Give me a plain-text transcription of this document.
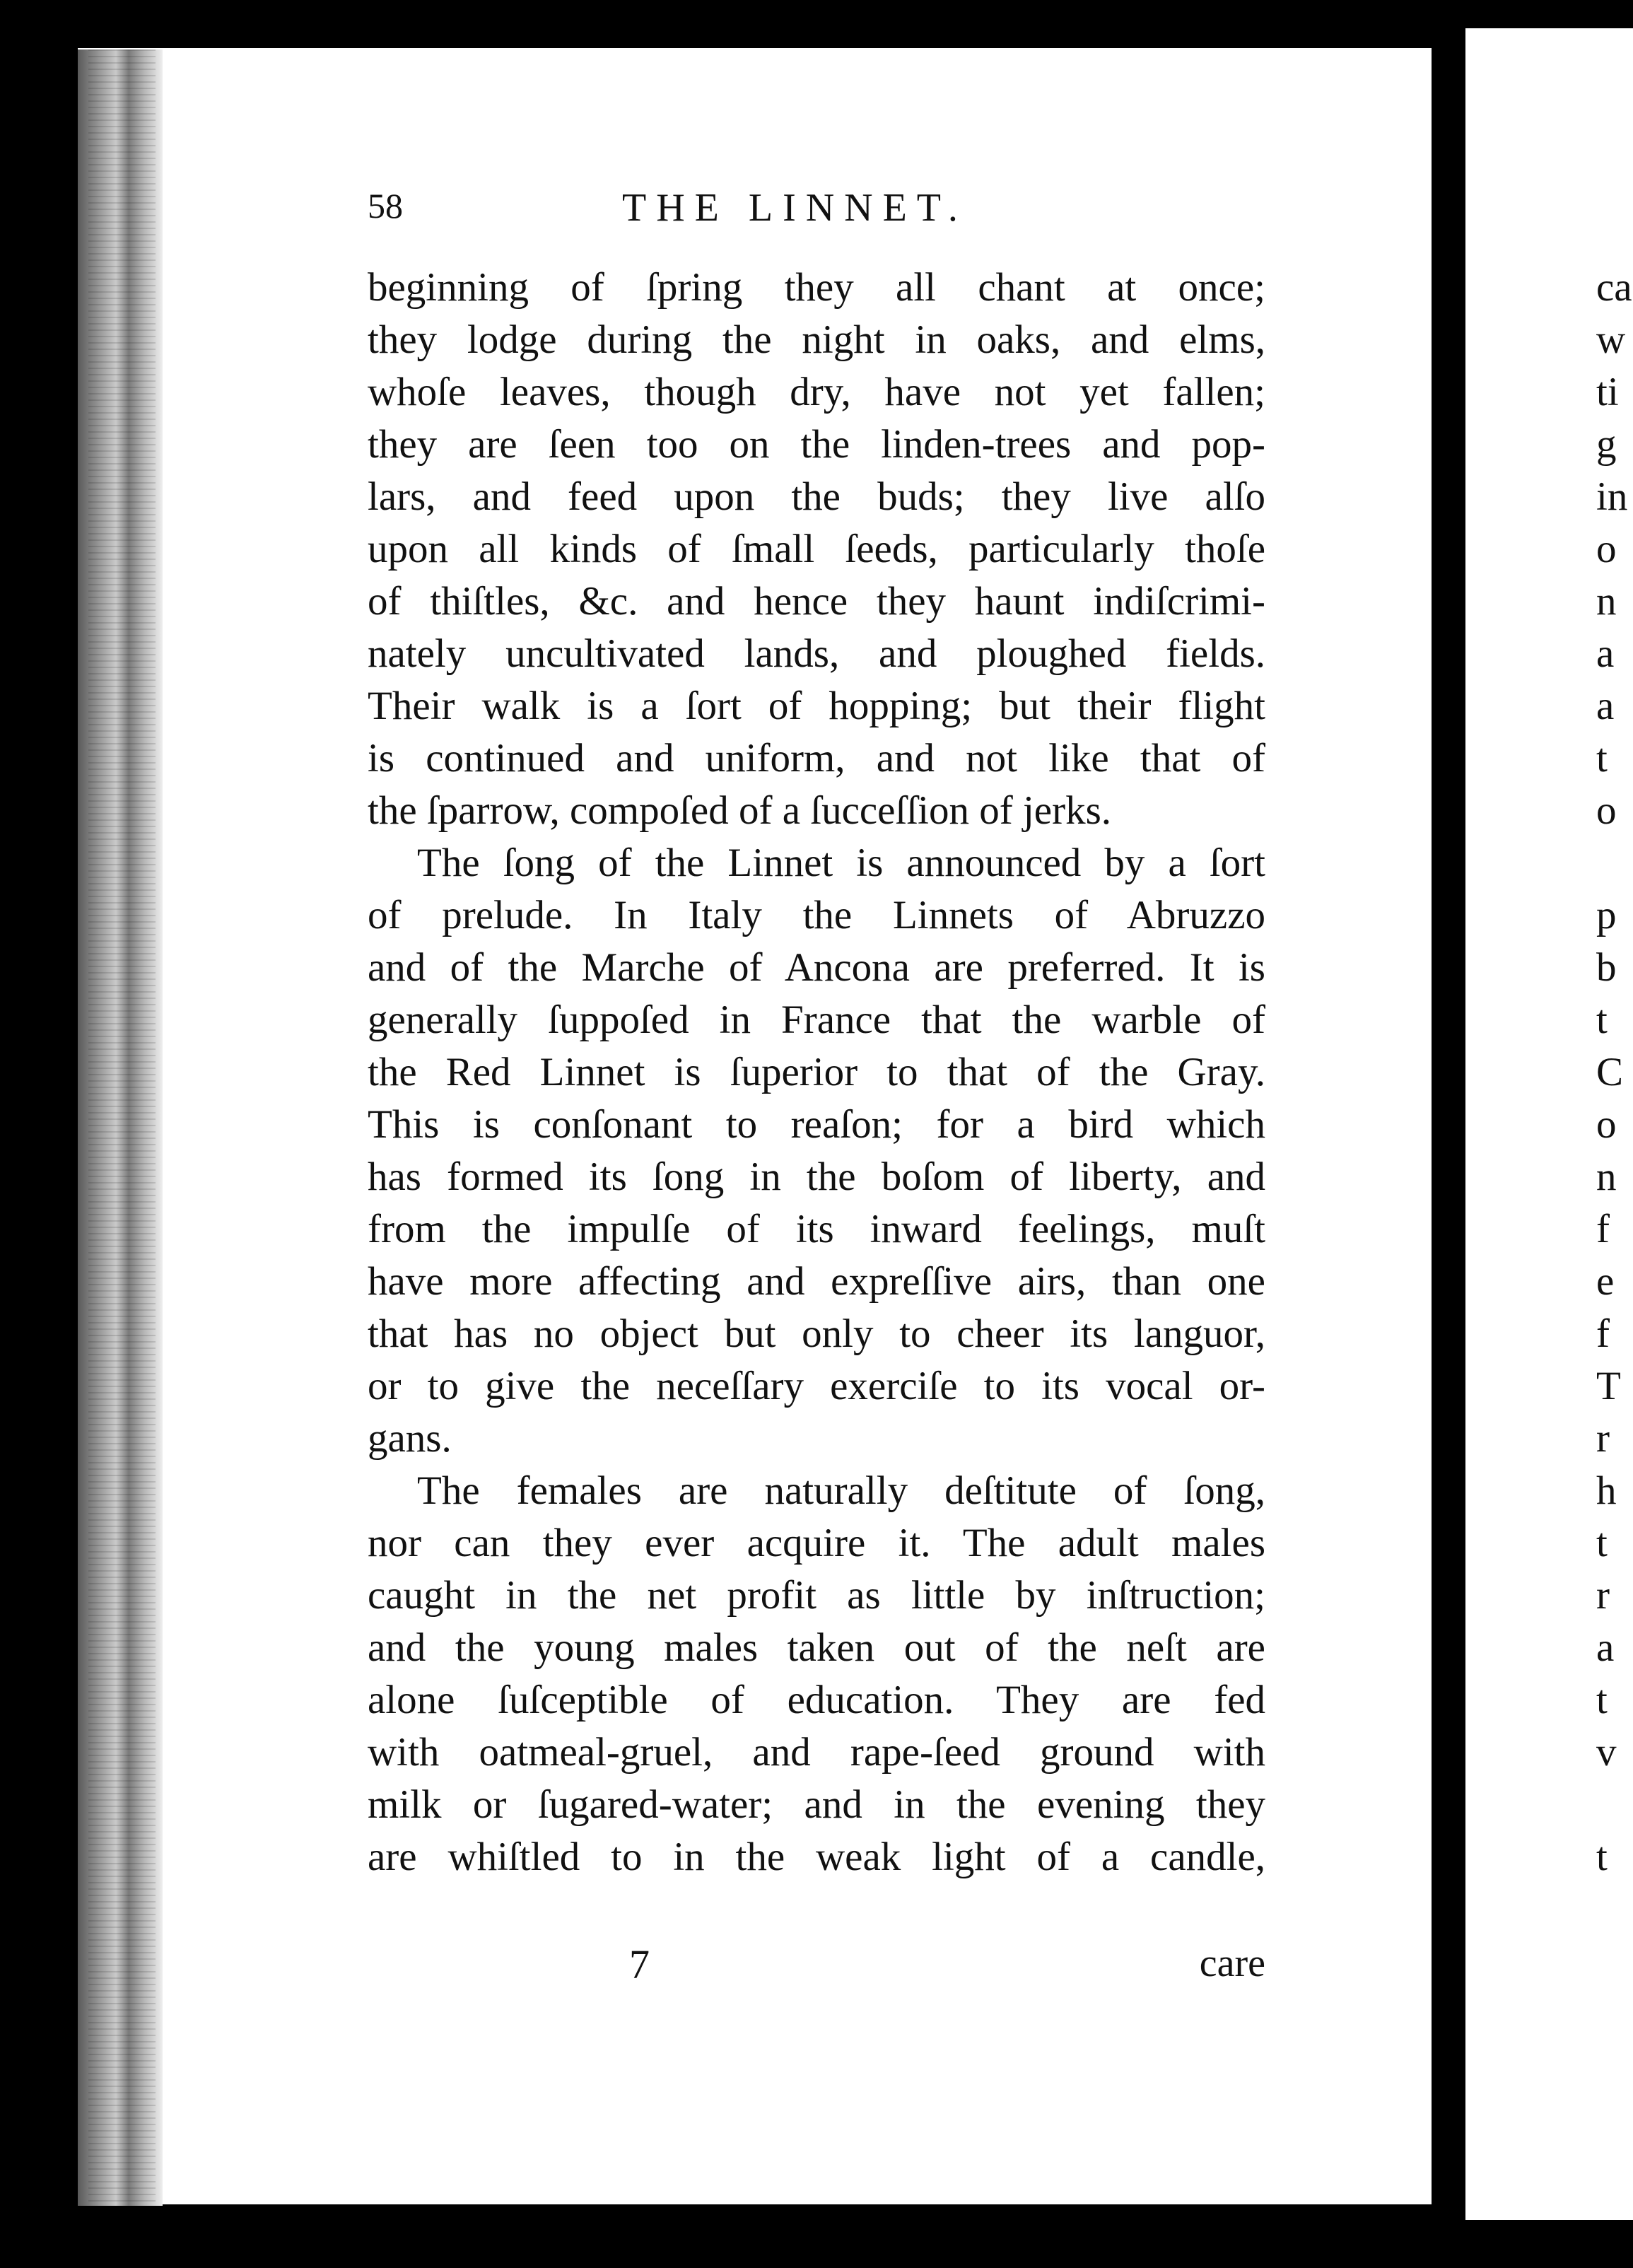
58	THE LINNET.
beginning of ſpring they all chant at once;
they lodge during the night in oaks, and elms,
whoſe leaves, though dry, have not yet fallen;
they are ſeen too on the linden-trees and pop-
lars, and feed upon the buds; they live alſo
upon all kinds of ſmall ſeeds, particularly thoſe
of thiſtles, &c. and hence they haunt indiſcrimi-
nately uncultivated lands, and ploughed fields.
Their walk is a ſort of hopping; but their flight
is continued and uniform, and not like that of
the ſparrow, compoſed of a ſucceſſion of jerks.
The ſong of the Linnet is announced by a ſort
of prelude. In Italy the Linnets of Abruzzo
and of the Marche of Ancona are preferred. It is
generally ſuppoſed in France that the warble of
the Red Linnet is ſuperior to that of the Gray.
This is conſonant to reaſon; for a bird which
has formed its ſong in the boſom of liberty, and
from the impulſe of its inward feelings, muſt
have more affecting and expreſſive airs, than one
that has no object but only to cheer its languor,
or to give the neceſſary exerciſe to its vocal or-
gans.
The females are naturally deſtitute of ſong,
nor can they ever acquire it. The adult males
caught in the net profit as little by inſtruction;
and the young males taken out of the neſt are
alone ſuſceptible of education. They are fed
with oatmeal-gruel, and rape-ſeed ground with
milk or ſugared-water; and in the evening they
are whiſtled to in the weak light of a candle,
7	care
ca
w
ti
g
in
o
n
a
a
t
o
p
b
t
C
o
n
f
e
f
T
r
h
t
r
a
t
v
t
